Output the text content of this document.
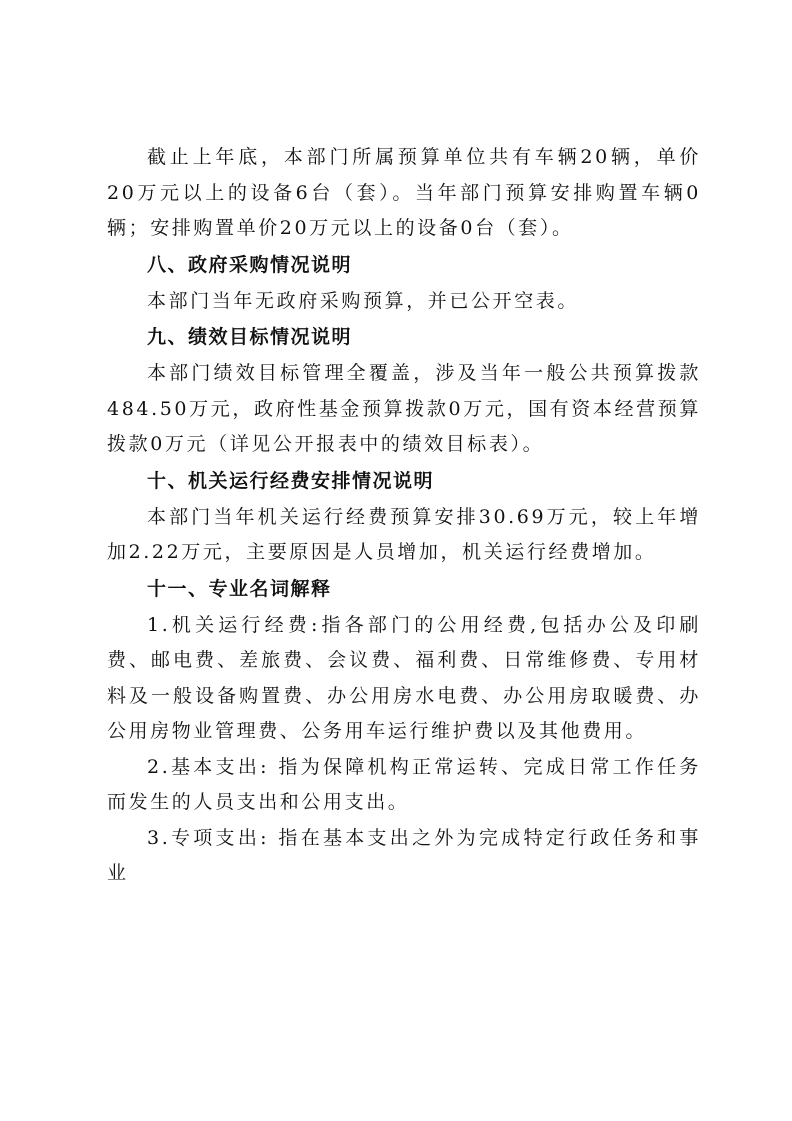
截止上年底，本部门所属预算单位共有车辆20辆，单价20万元以上的设备6台（套）。当年部门预算安排购置车辆0辆；安排购置单价20万元以上的设备0台（套）。

八、政府采购情况说明

本部门当年无政府采购预算，并已公开空表。

九、绩效目标情况说明

本部门绩效目标管理全覆盖，涉及当年一般公共预算拨款484.50万元，政府性基金预算拨款0万元，国有资本经营预算拨款0万元（详见公开报表中的绩效目标表）。

十、机关运行经费安排情况说明

本部门当年机关运行经费预算安排30.69万元，较上年增加2.22万元，主要原因是人员增加，机关运行经费增加。

十一、专业名词解释

1.机关运行经费:指各部门的公用经费,包括办公及印刷费、邮电费、差旅费、会议费、福利费、日常维修费、专用材料及一般设备购置费、办公用房水电费、办公用房取暖费、办公用房物业管理费、公务用车运行维护费以及其他费用。

2.基本支出: 指为保障机构正常运转、完成日常工作任务而发生的人员支出和公用支出。

3.专项支出: 指在基本支出之外为完成特定行政任务和事业
